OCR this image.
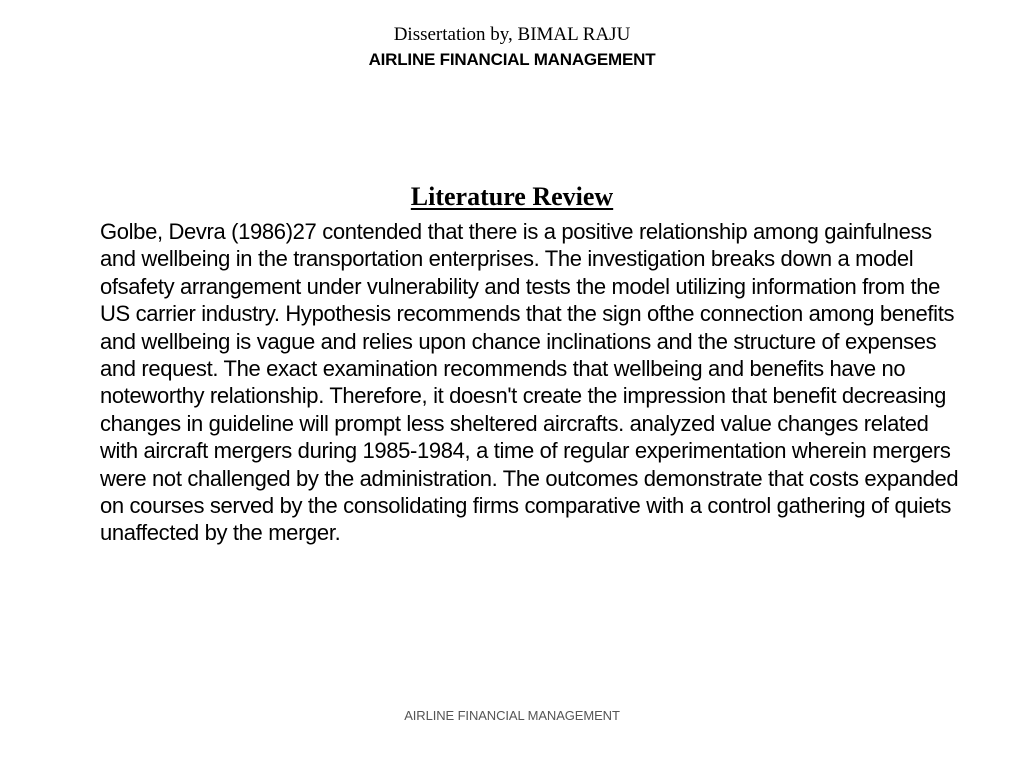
Dissertation by, BIMAL RAJU
AIRLINE FINANCIAL MANAGEMENT
Literature Review
Golbe, Devra (1986)27 contended that there is a positive relationship among gainfulness and wellbeing in the transportation enterprises. The investigation breaks down a model ofsafety arrangement under vulnerability and tests the model utilizing information from the US carrier industry. Hypothesis recommends that the sign ofthe connection among benefits and wellbeing is vague and relies upon chance inclinations and the structure of expenses and request. The exact examination recommends that wellbeing and benefits have no noteworthy relationship. Therefore, it doesn't create the impression that benefit decreasing changes in guideline will prompt less sheltered aircrafts. analyzed value changes related with aircraft mergers during 1985-1984, a time of regular experimentation wherein mergers were not challenged by the administration. The outcomes demonstrate that costs expanded on courses served by the consolidating firms comparative with a control gathering of quiets unaffected by the merger.
AIRLINE FINANCIAL MANAGEMENT
